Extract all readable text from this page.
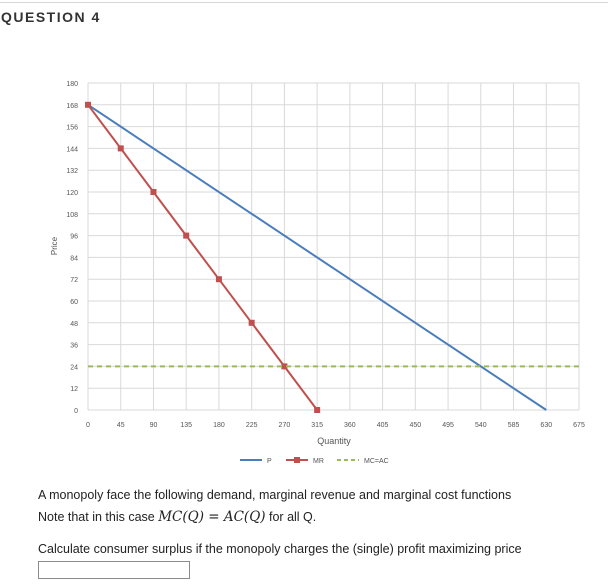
QUESTION 4
0
12
24
36
48
60
72
84
96
108
120
132
144
156
168
180
0	45	90	135	180	225	270	315	360	405	450	495	540	585	630	675
Price
Quantity
P	MR	MC=AC
A monopoly face the following demand, marginal revenue and marginal cost functions
Note that in this case MC(Q) = AC(Q) for all Q.
Calculate consumer surplus if the monopoly charges the (single) profit maximizing price
